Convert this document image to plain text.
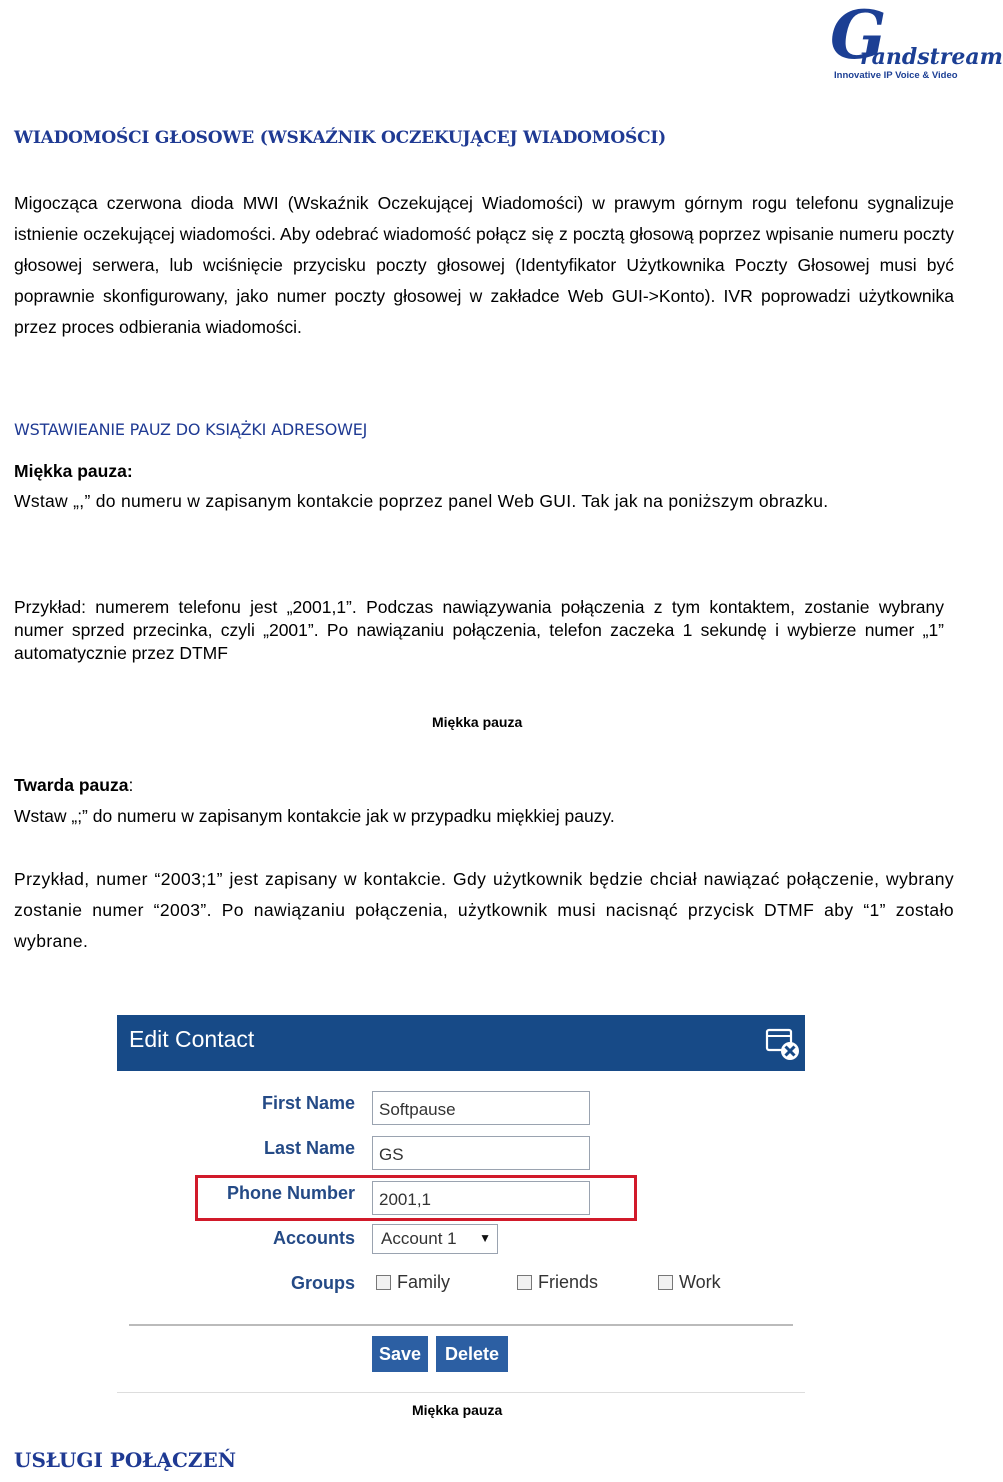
G
randstream
Innovative IP Voice & Video
WIADOMOŚCI GŁOSOWE (WSKAŹNIK OCZEKUJĄCEJ WIADOMOŚCI)

Migocząca czerwona dioda MWI (Wskaźnik Oczekującej Wiadomości) w prawym górnym rogu telefonu sygnalizuje istnienie oczekującej wiadomości. Aby odebrać wiadomość połącz się z pocztą głosową poprzez wpisanie numeru poczty głosowej serwera, lub wciśnięcie przycisku poczty głosowej (Identyfikator Użytkownika Poczty Głosowej musi być poprawnie skonfigurowany, jako numer poczty głosowej w zakładce Web GUI->Konto). IVR poprowadzi użytkownika przez proces odbierania wiadomości.

WSTAWIEANIE PAUZ DO KSIĄŻKI ADRESOWEJ
Miękka pauza:

Wstaw „,” do numeru w zapisanym kontakcie poprzez panel Web GUI. Tak jak na poniższym obrazku.

Przykład: numerem telefonu jest „2001,1”. Podczas nawiązywania połączenia z tym kontaktem, zostanie wybrany numer sprzed przecinka, czyli „2001”. Po nawiązaniu połączenia, telefon zaczeka 1 sekundę i wybierze numer „1” automatycznie przez DTMF

Miękka pauza
Twarda pauza:
Wstaw „;” do numeru w zapisanym kontakcie jak w przypadku miękkiej pauzy.

Przykład, numer “2003;1” jest zapisany w kontakcie. Gdy użytkownik będzie chciał nawiązać połączenie, wybrany zostanie numer “2003”. Po nawiązaniu połączenia, użytkownik musi nacisnąć przycisk DTMF aby “1” zostało wybrane.

Edit Contact
First Name	Softpause
Last Name	GS
Phone Number	2001,1
Accounts Account 1 ▼
Groups Family	Friends	Work
Save	Delete
Miękka pauza
USŁUGI POŁĄCZEŃ
